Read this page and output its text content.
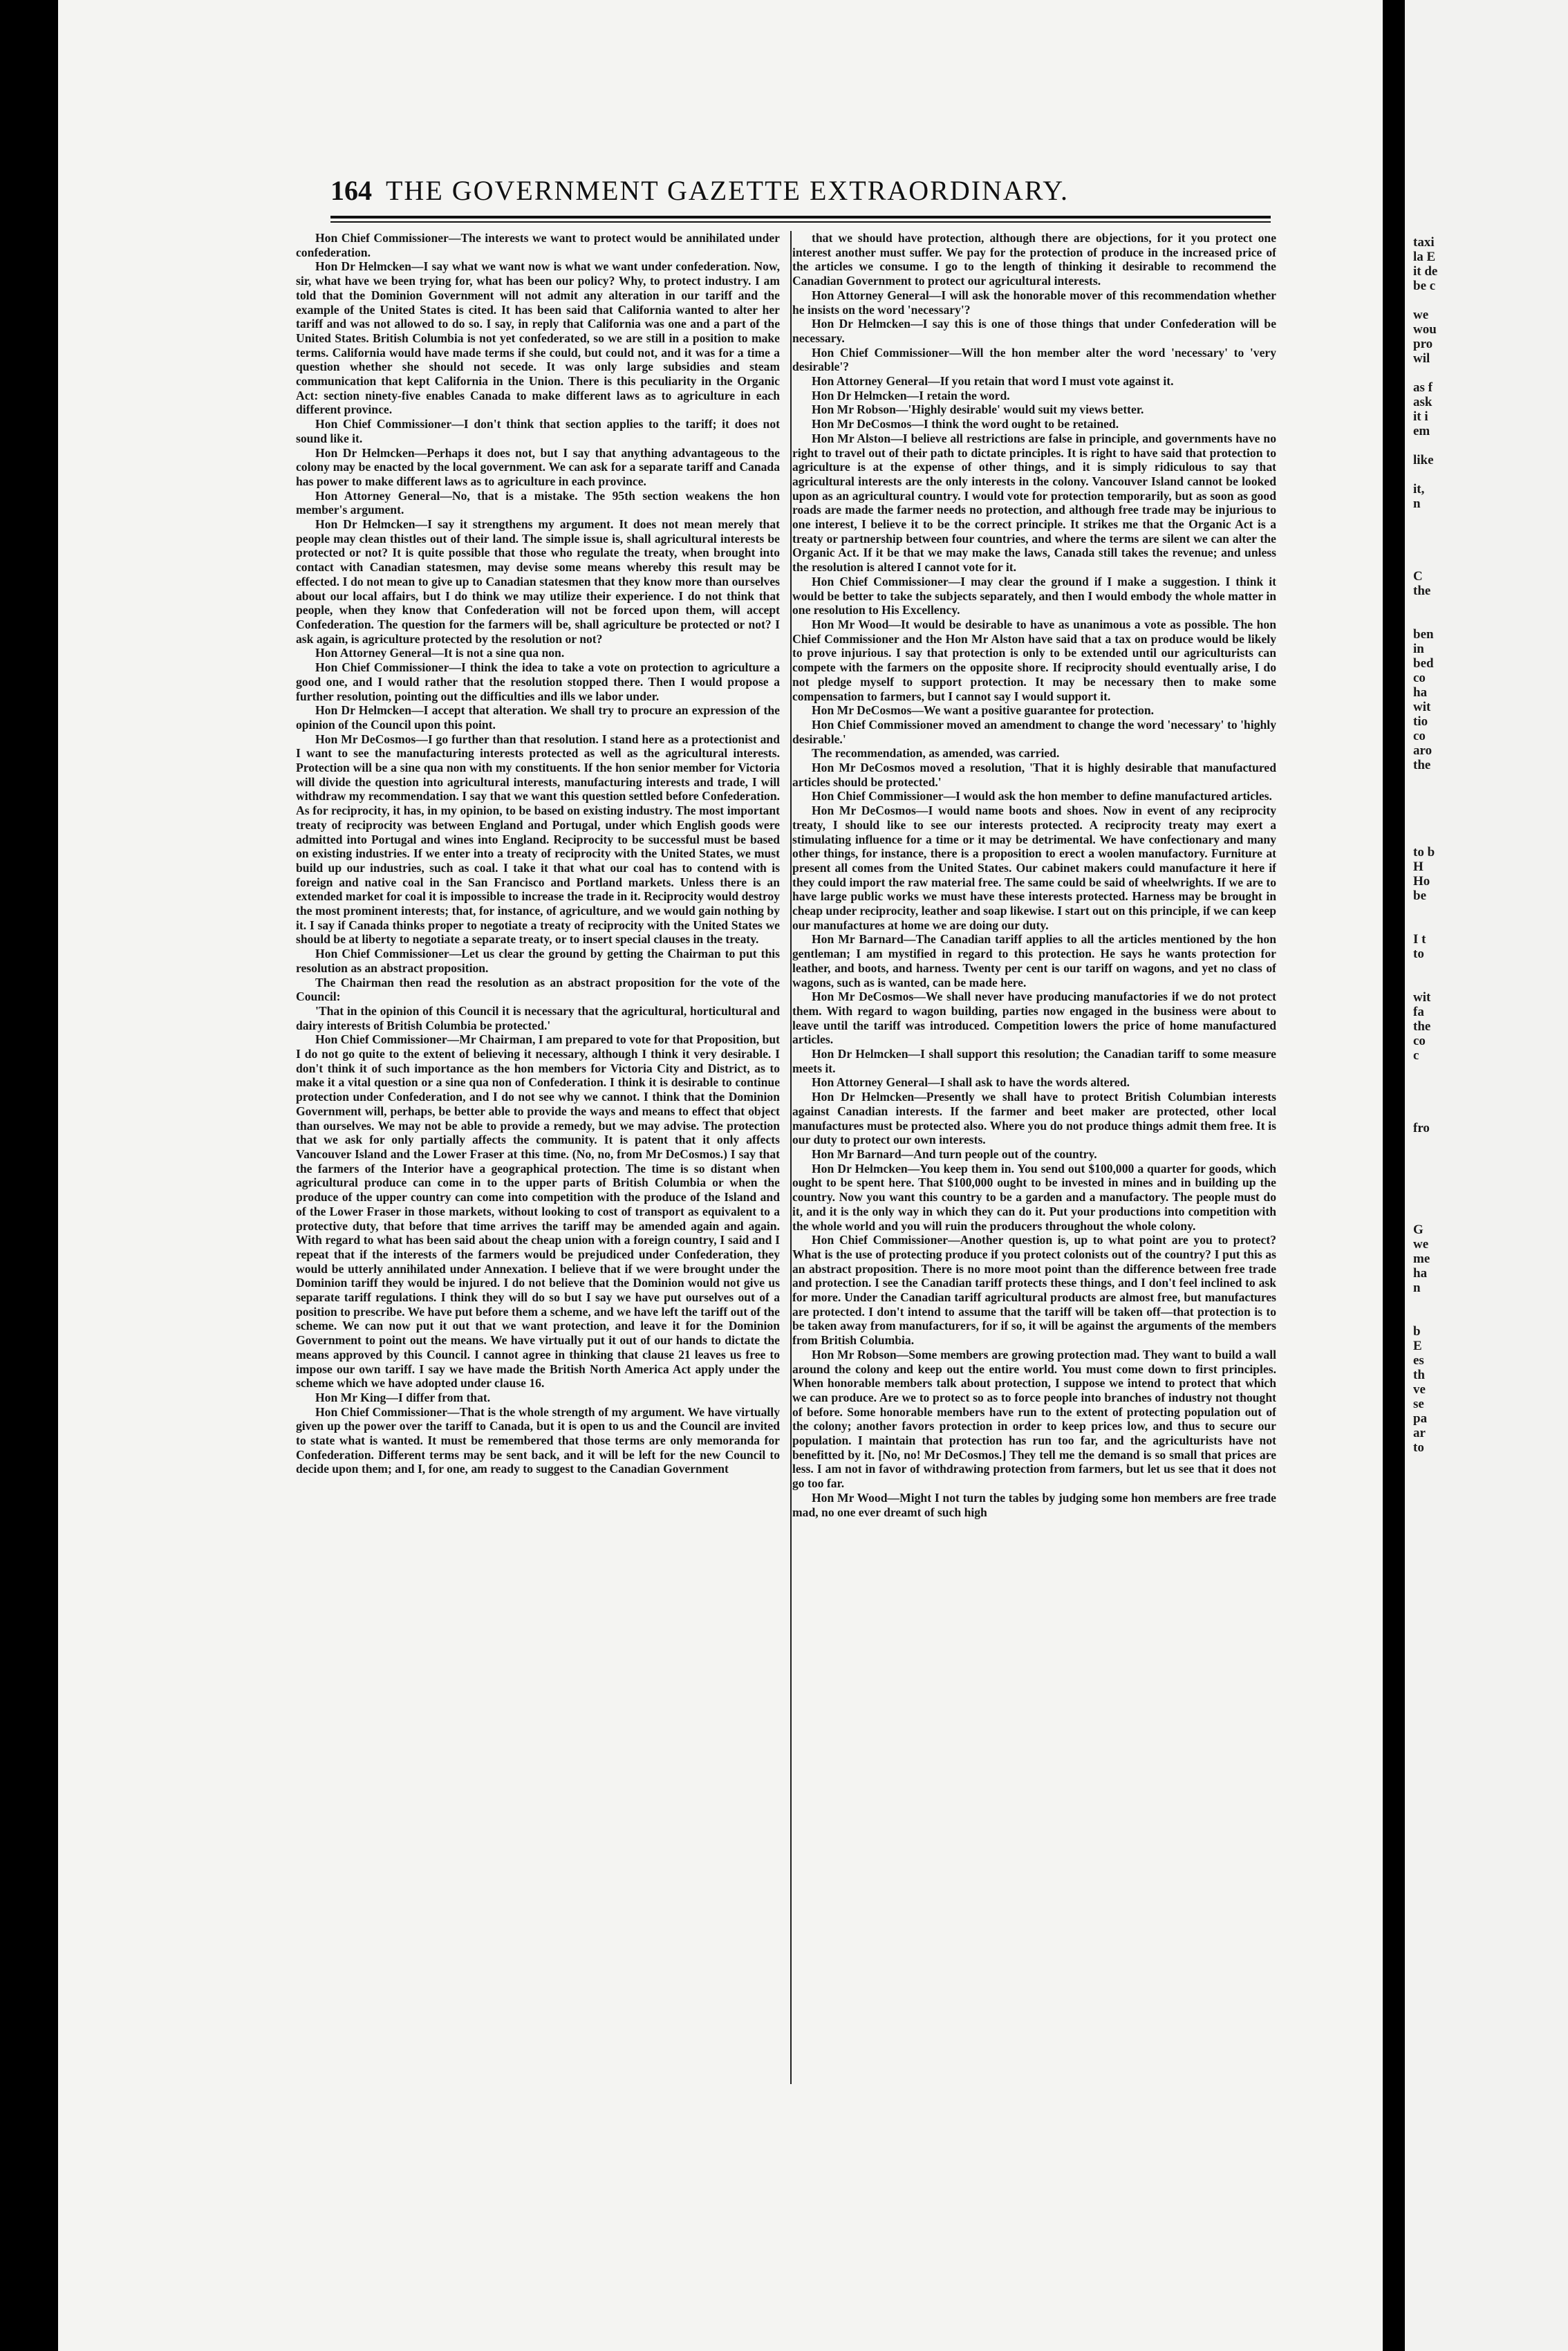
164 THE GOVERNMENT GAZETTE EXTRAORDINARY.

Hon Chief Commissioner—The interests we want to protect would be annihilated under confederation.

Hon Dr Helmcken—I say what we want now is what we want under confederation. Now, sir, what have we been trying for, what has been our policy? Why, to protect industry. I am told that the Dominion Government will not admit any alteration in our tariff and the example of the United States is cited. It has been said that California wanted to alter her tariff and was not allowed to do so. I say, in reply that California was one and a part of the United States. British Columbia is not yet confederated, so we are still in a position to make terms. California would have made terms if she could, but could not, and it was for a time a question whether she should not secede. It was only large subsidies and steam communication that kept California in the Union. There is this peculiarity in the Organic Act: section ninety-five enables Canada to make different laws as to agriculture in each different province.

Hon Chief Commissioner—I don't think that section applies to the tariff; it does not sound like it.

Hon Dr Helmcken—Perhaps it does not, but I say that anything advantageous to the colony may be enacted by the local government. We can ask for a separate tariff and Canada has power to make different laws as to agriculture in each province.

Hon Attorney General—No, that is a mistake. The 95th section weakens the hon member's argument.

Hon Dr Helmcken—I say it strengthens my argument. It does not mean merely that people may clean thistles out of their land. The simple issue is, shall agricultural interests be protected or not? It is quite possible that those who regulate the treaty, when brought into contact with Canadian statesmen, may devise some means whereby this result may be effected. I do not mean to give up to Canadian statesmen that they know more than ourselves about our local affairs, but I do think we may utilize their experience. I do not think that people, when they know that Confederation will not be forced upon them, will accept Confederation. The question for the farmers will be, shall agriculture be protected or not? I ask again, is agriculture protected by the resolution or not?

Hon Attorney General—It is not a sine qua non.

Hon Chief Commissioner—I think the idea to take a vote on protection to agriculture a good one, and I would rather that the resolution stopped there. Then I would propose a further resolution, pointing out the difficulties and ills we labor under.

Hon Dr Helmcken—I accept that alteration. We shall try to procure an expression of the opinion of the Council upon this point.

Hon Mr DeCosmos—I go further than that resolution. I stand here as a protectionist and I want to see the manufacturing interests protected as well as the agricultural interests. Protection will be a sine qua non with my constituents. If the hon senior member for Victoria will divide the question into agricultural interests, manufacturing interests and trade, I will withdraw my recommendation. I say that we want this question settled before Confederation. As for reciprocity, it has, in my opinion, to be based on existing industry. The most important treaty of reciprocity was between England and Portugal, under which English goods were admitted into Portugal and wines into England. Reciprocity to be successful must be based on existing industries. If we enter into a treaty of reciprocity with the United States, we must build up our industries, such as coal. I take it that what our coal has to contend with is foreign and native coal in the San Francisco and Portland markets. Unless there is an extended market for coal it is impossible to increase the trade in it. Reciprocity would destroy the most prominent interests; that, for instance, of agriculture, and we would gain nothing by it. I say if Canada thinks proper to negotiate a treaty of reciprocity with the United States we should be at liberty to negotiate a separate treaty, or to insert special clauses in the treaty.

Hon Chief Commissioner—Let us clear the ground by getting the Chairman to put this resolution as an abstract proposition.

The Chairman then read the resolution as an abstract proposition for the vote of the Council:

'That in the opinion of this Council it is necessary that the agricultural, horticultural and dairy interests of British Columbia be protected.'

Hon Chief Commissioner—Mr Chairman, I am prepared to vote for that Proposition, but I do not go quite to the extent of believing it necessary, although I think it very desirable. I don't think it of such importance as the hon members for Victoria City and District, as to make it a vital question or a sine qua non of Confederation. I think it is desirable to continue protection under Confederation, and I do not see why we cannot. I think that the Dominion Government will, perhaps, be better able to provide the ways and means to effect that object than ourselves. We may not be able to provide a remedy, but we may advise. The protection that we ask for only partially affects the community. It is patent that it only affects Vancouver Island and the Lower Fraser at this time. (No, no, from Mr DeCosmos.) I say that the farmers of the Interior have a geographical protection. The time is so distant when agricultural produce can come in to the upper parts of British Columbia or when the produce of the upper country can come into competition with the produce of the Island and of the Lower Fraser in those markets, without looking to cost of transport as equivalent to a protective duty, that before that time arrives the tariff may be amended again and again. With regard to what has been said about the cheap union with a foreign country, I said and I repeat that if the interests of the farmers would be prejudiced under Confederation, they would be utterly annihilated under Annexation. I believe that if we were brought under the Dominion tariff they would be injured. I do not believe that the Dominion would not give us separate tariff regulations. I think they will do so but I say we have put ourselves out of a position to prescribe. We have put before them a scheme, and we have left the tariff out of the scheme. We can now put it out that we want protection, and leave it for the Dominion Government to point out the means. We have virtually put it out of our hands to dictate the means approved by this Council. I cannot agree in thinking that clause 21 leaves us free to impose our own tariff. I say we have made the British North America Act apply under the scheme which we have adopted under clause 16.

Hon Mr King—I differ from that.

Hon Chief Commissioner—That is the whole strength of my argument. We have virtually given up the power over the tariff to Canada, but it is open to us and the Council are invited to state what is wanted. It must be remembered that those terms are only memoranda for Confederation. Different terms may be sent back, and it will be left for the new Council to decide upon them; and I, for one, am ready to suggest to the Canadian Government

that we should have protection, although there are objections, for it you protect one interest another must suffer. We pay for the protection of produce in the increased price of the articles we consume. I go to the length of thinking it desirable to recommend the Canadian Government to protect our agricultural interests.

Hon Attorney General—I will ask the honorable mover of this recommendation whether he insists on the word 'necessary'?

Hon Dr Helmcken—I say this is one of those things that under Confederation will be necessary.

Hon Chief Commissioner—Will the hon member alter the word 'necessary' to 'very desirable'?

Hon Attorney General—If you retain that word I must vote against it.

Hon Dr Helmcken—I retain the word.

Hon Mr Robson—'Highly desirable' would suit my views better.

Hon Mr DeCosmos—I think the word ought to be retained.

Hon Mr Alston—I believe all restrictions are false in principle, and governments have no right to travel out of their path to dictate principles. It is right to have said that protection to agriculture is at the expense of other things, and it is simply ridiculous to say that agricultural interests are the only interests in the colony. Vancouver Island cannot be looked upon as an agricultural country. I would vote for protection temporarily, but as soon as good roads are made the farmer needs no protection, and although free trade may be injurious to one interest, I believe it to be the correct principle. It strikes me that the Organic Act is a treaty or partnership between four countries, and where the terms are silent we can alter the Organic Act. If it be that we may make the laws, Canada still takes the revenue; and unless the resolution is altered I cannot vote for it.

Hon Chief Commissioner—I may clear the ground if I make a suggestion. I think it would be better to take the subjects separately, and then I would embody the whole matter in one resolution to His Excellency.

Hon Mr Wood—It would be desirable to have as unanimous a vote as possible. The hon Chief Commissioner and the Hon Mr Alston have said that a tax on produce would be likely to prove injurious. I say that protection is only to be extended until our agriculturists can compete with the farmers on the opposite shore. If reciprocity should eventually arise, I do not pledge myself to support protection. It may be necessary then to make some compensation to farmers, but I cannot say I would support it.

Hon Mr DeCosmos—We want a positive guarantee for protection.

Hon Chief Commissioner moved an amendment to change the word 'necessary' to 'highly desirable.'

The recommendation, as amended, was carried.

Hon Mr DeCosmos moved a resolution, 'That it is highly desirable that manufactured articles should be protected.'

Hon Chief Commissioner—I would ask the hon member to define manufactured articles.

Hon Mr DeCosmos—I would name boots and shoes. Now in event of any reciprocity treaty, I should like to see our interests protected. A reciprocity treaty may exert a stimulating influence for a time or it may be detrimental. We have confectionary and many other things, for instance, there is a proposition to erect a woolen manufactory. Furniture at present all comes from the United States. Our cabinet makers could manufacture it here if they could import the raw material free. The same could be said of wheelwrights. If we are to have large public works we must have these interests protected. Harness may be brought in cheap under reciprocity, leather and soap likewise. I start out on this principle, if we can keep our manufactures at home we are doing our duty.

Hon Mr Barnard—The Canadian tariff applies to all the articles mentioned by the hon gentleman; I am mystified in regard to this protection. He says he wants protection for leather, and boots, and harness. Twenty per cent is our tariff on wagons, and yet no class of wagons, such as is wanted, can be made here.

Hon Mr DeCosmos—We shall never have producing manufactories if we do not protect them. With regard to wagon building, parties now engaged in the business were about to leave until the tariff was introduced. Competition lowers the price of home manufactured articles.

Hon Dr Helmcken—I shall support this resolution; the Canadian tariff to some measure meets it.

Hon Attorney General—I shall ask to have the words altered.

Hon Dr Helmcken—Presently we shall have to protect British Columbian interests against Canadian interests. If the farmer and beet maker are protected, other local manufactures must be protected also. Where you do not produce things admit them free. It is our duty to protect our own interests.

Hon Mr Barnard—And turn people out of the country.

Hon Dr Helmcken—You keep them in. You send out $100,000 a quarter for goods, which ought to be spent here. That $100,000 ought to be invested in mines and in building up the country. Now you want this country to be a garden and a manufactory. The people must do it, and it is the only way in which they can do it. Put your productions into competition with the whole world and you will ruin the producers throughout the whole colony.

Hon Chief Commissioner—Another question is, up to what point are you to protect? What is the use of protecting produce if you protect colonists out of the country? I put this as an abstract proposition. There is no more moot point than the difference between free trade and protection. I see the Canadian tariff protects these things, and I don't feel inclined to ask for more. Under the Canadian tariff agricultural products are almost free, but manufactures are protected. I don't intend to assume that the tariff will be taken off—that protection is to be taken away from manufacturers, for if so, it will be against the arguments of the members from British Columbia.

Hon Mr Robson—Some members are growing protection mad. They want to build a wall around the colony and keep out the entire world. You must come down to first principles. When honorable members talk about protection, I suppose we intend to protect that which we can produce. Are we to protect so as to force people into branches of industry not thought of before. Some honorable members have run to the extent of protecting population out of the colony; another favors protection in order to keep prices low, and thus to secure our population. I maintain that protection has run too far, and the agriculturists have not benefitted by it. [No, no! Mr DeCosmos.] They tell me the demand is so small that prices are less. I am not in favor of withdrawing protection from farmers, but let us see that it does not go too far.

Hon Mr Wood—Might I not turn the tables by judging some hon members are free trade mad, no one ever dreamt of such high

taxi
la E
it de
be c

we
wou
pro
wil

as f
ask
it i
em

like

it,
n

C
the

ben
in
bed
co
ha
wit
tio
co
aro
the

to b
H
Ho
be

I t
to

wit
fa
the
co
c

fro

G
we
me
ha
n

b
E
es
th
ve
se
pa
ar
to
